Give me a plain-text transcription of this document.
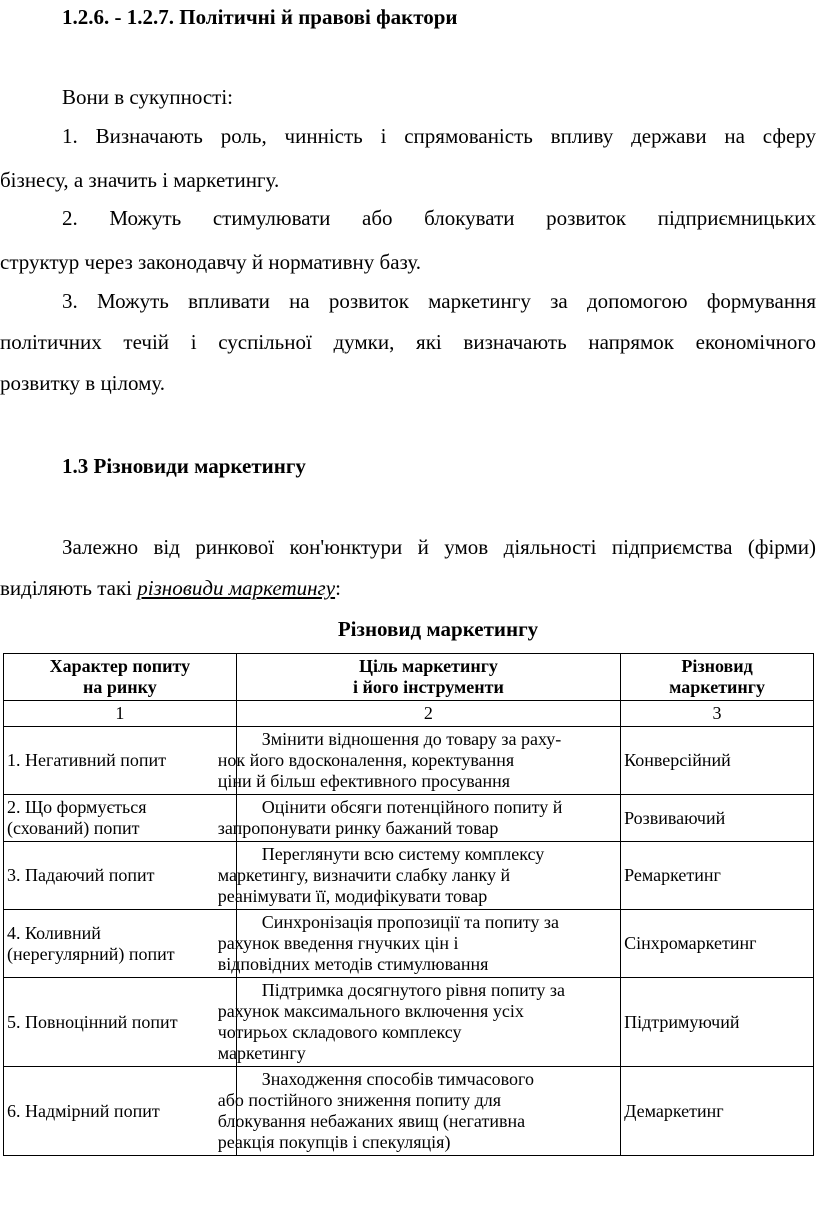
1.2.6. - 1.2.7. Політичні й правові фактори
Вони в сукупності:
1. Визначають роль, чинність і спрямованість впливу держави на сферу
бізнесу, а значить і маркетингу.
2. Можуть стимулювати або блокувати розвиток підприємницьких
структур через законодавчу й нормативну базу.
3. Можуть впливати на розвиток маркетингу за допомогою формування
політичних течій і суспільної думки, які визначають напрямок економічного
розвитку в цілому.
1.3 Різновиди маркетингу
Залежно від ринкової кон'юнктури й умов діяльності підприємства (фірми)
виділяють такі різновиди маркетингу:
Різновид маркетингу
Характер попиту
на ринку	Ціль маркетингу
і його інструменти	Різновид
маркетингу
1	2	3
1. Негативний попит	Змінити відношення до товару за раху-
нок його вдосконалення, коректування
ціни й більш ефективного просування	Конверсійний
2. Що формується
(схований) попит	Оцінити обсяги потенційного попиту й
запропонувати ринку бажаний товар	Розвиваючий
3. Падаючий попит	Переглянути всю систему комплексу
маркетингу, визначити слабку ланку й
реанімувати її, модифікувати товар	Ремаркетинг
4. Коливний
(нерегулярний) попит	Синхронізація пропозиції та попиту за
рахунок введення гнучких цін і
відповідних методів стимулювання	Сінхромаркетинг
5. Повноцінний попит	Підтримка досягнутого рівня попиту за
рахунок максимального включення усіх
чотирьох складового комплексу
маркетингу	Підтримуючий
6. Надмірний попит	Знаходження способів тимчасового
або постійного зниження попиту для
блокування небажаних явищ (негативна
реакція покупців і спекуляція)	Демаркетинг
